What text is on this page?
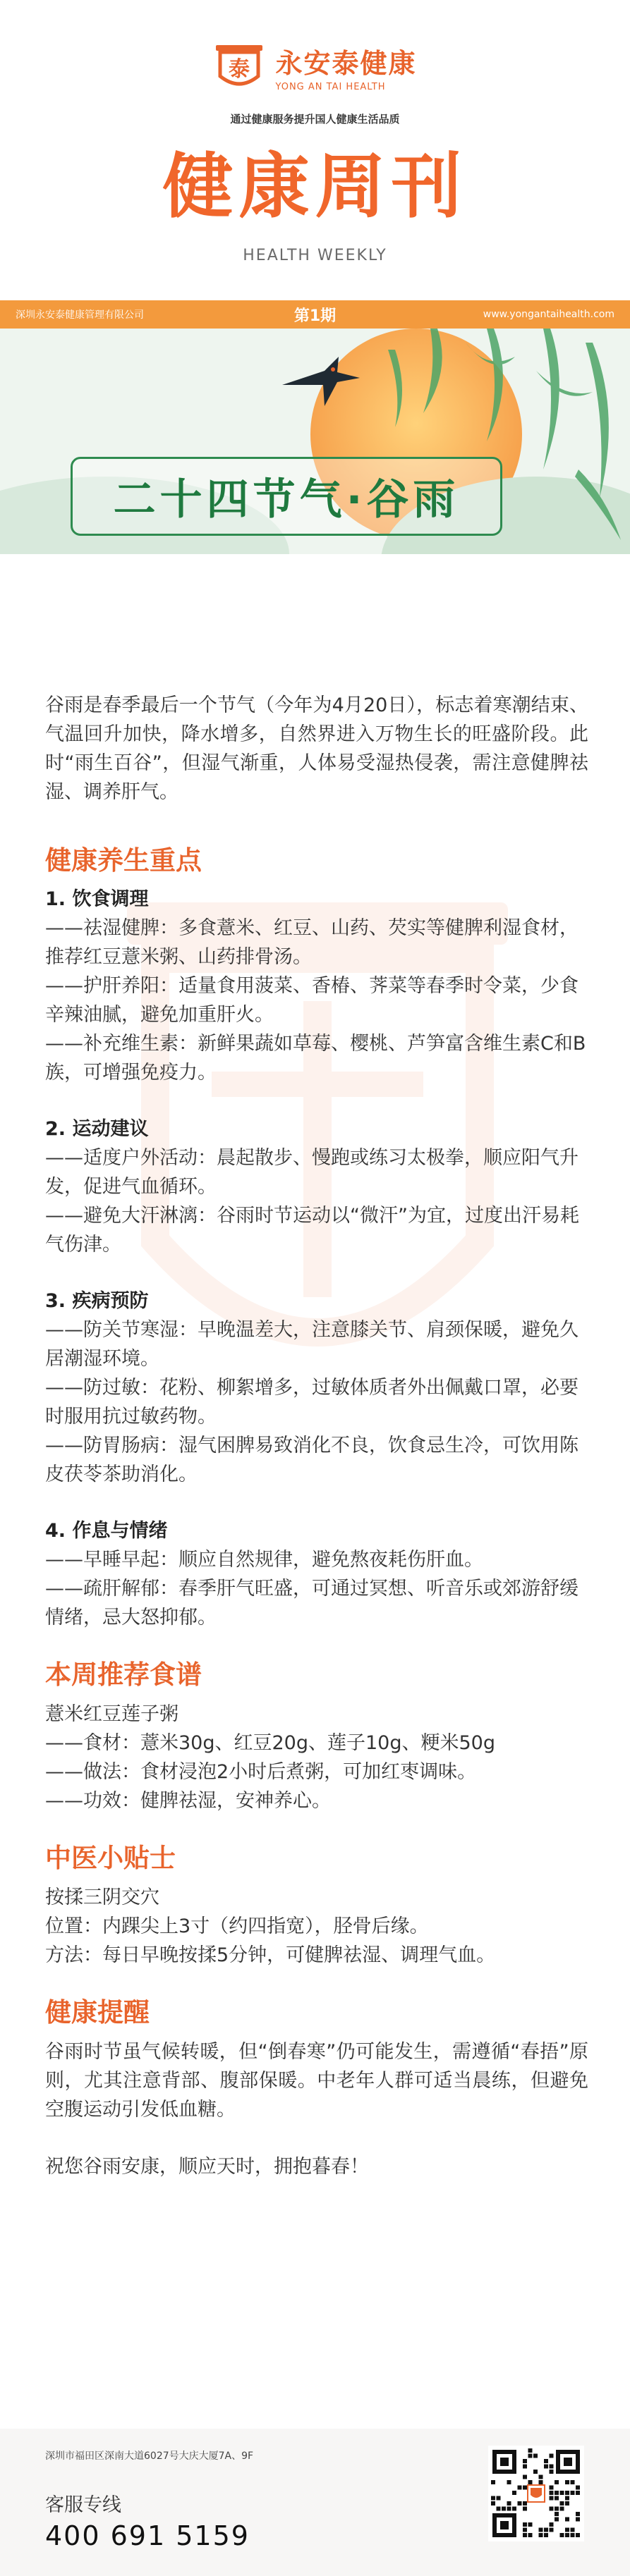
泰 永安泰健康
YONG AN TAI HEALTH
通过健康服务提升国人健康生活品质
健康周刊
HEALTH WEEKLY
深圳永安泰健康管理有限公司	第1期	www.yongantaihealth.com
二十四节气·谷雨

谷雨是春季最后一个节气（今年为4月20日），标志着寒潮结束、气温回升加快，降水增多，自然界进入万物生长的旺盛阶段。此时“雨生百谷”，但湿气渐重，人体易受湿热侵袭，需注意健脾祛湿、调养肝气。

健康养生重点
1. 饮食调理
——祛湿健脾：多食薏米、红豆、山药、芡实等健脾利湿食材，推荐红豆薏米粥、山药排骨汤。
——护肝养阳：适量食用菠菜、香椿、荠菜等春季时令菜，少食辛辣油腻，避免加重肝火。
——补充维生素：新鲜果蔬如草莓、樱桃、芦笋富含维生素C和B族，可增强免疫力。
2. 运动建议
——适度户外活动：晨起散步、慢跑或练习太极拳，顺应阳气升发，促进气血循环。
——避免大汗淋漓：谷雨时节运动以“微汗”为宜，过度出汗易耗气伤津。
3. 疾病预防
——防关节寒湿：早晚温差大，注意膝关节、肩颈保暖，避免久居潮湿环境。
——防过敏：花粉、柳絮增多，过敏体质者外出佩戴口罩，必要时服用抗过敏药物。
——防胃肠病：湿气困脾易致消化不良，饮食忌生冷，可饮用陈皮茯苓茶助消化。
4. 作息与情绪
——早睡早起：顺应自然规律，避免熬夜耗伤肝血。
——疏肝解郁：春季肝气旺盛，可通过冥想、听音乐或郊游舒缓情绪，忌大怒抑郁。
本周推荐食谱
薏米红豆莲子粥
——食材：薏米30g、红豆20g、莲子10g、粳米50g
——做法：食材浸泡2小时后煮粥，可加红枣调味。
——功效：健脾祛湿，安神养心。
中医小贴士
按揉三阴交穴
位置：内踝尖上3寸（约四指宽），胫骨后缘。
方法：每日早晚按揉5分钟，可健脾祛湿、调理气血。
健康提醒

谷雨时节虽气候转暖，但“倒春寒”仍可能发生，需遵循“春捂”原则，尤其注意背部、腹部保暖。中老年人群可适当晨练，但避免空腹运动引发低血糖。

祝您谷雨安康，顺应天时，拥抱暮春！

深圳市福田区深南大道6027号大庆大厦7A、9F
客服专线
400 691 5159
